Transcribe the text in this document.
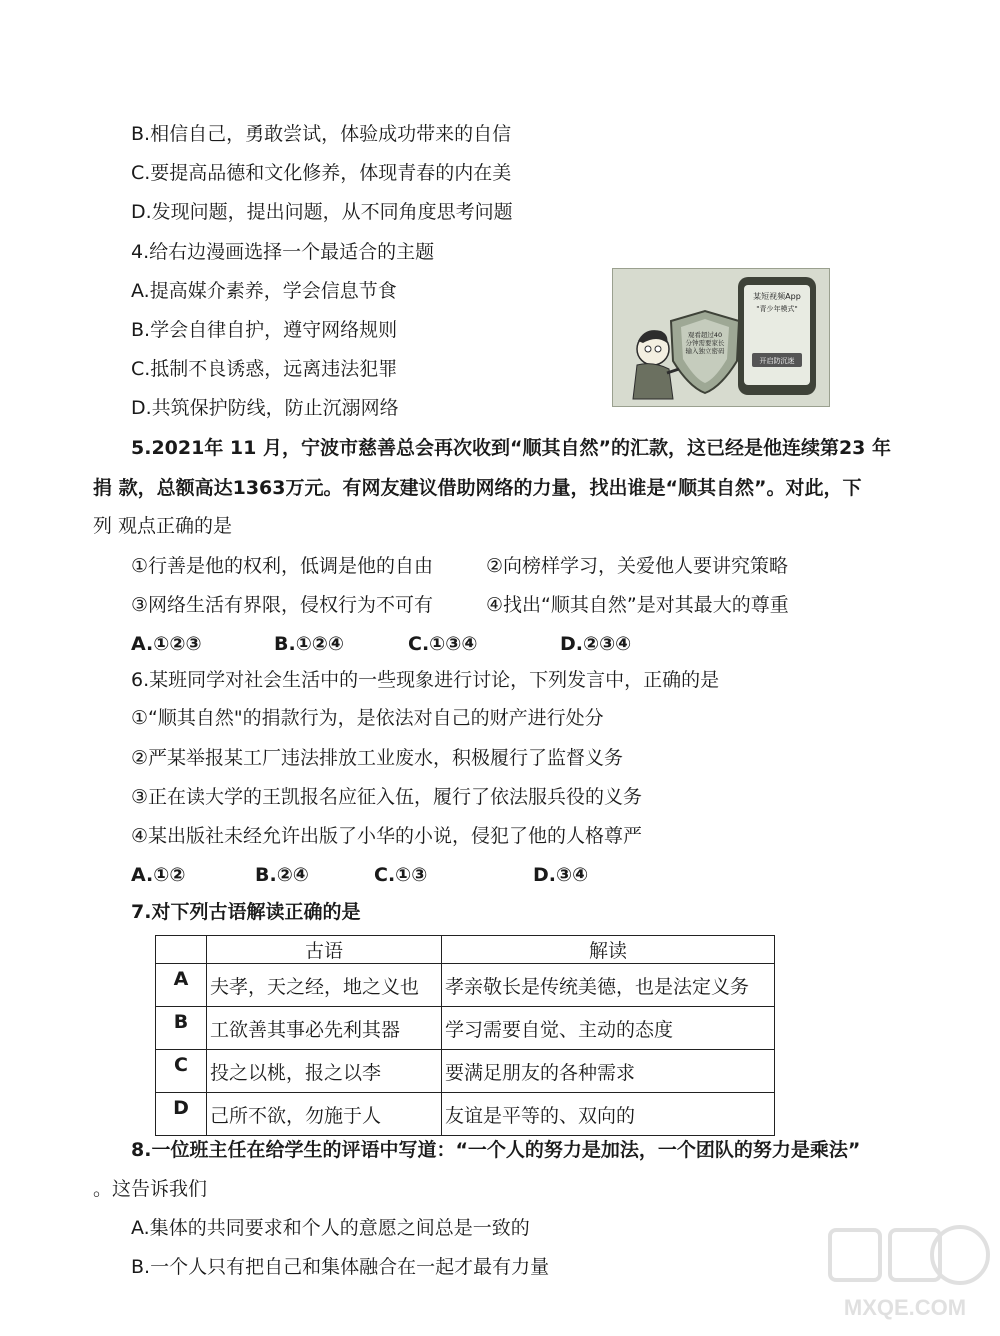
B.相信自己，勇敢尝试，体验成功带来的自信
C.要提高品德和文化修养，体现青春的内在美
D.发现问题，提出问题，从不同角度思考问题
4.给右边漫画选择一个最适合的主题
A.提高媒介素养，学会信息节食
B.学会自律自护，遵守网络规则
C.抵制不良诱惑，远离违法犯罪
D.共筑保护防线，防止沉溺网络
某短视频App
"青少年模式"
开启防沉迷
观看超过40分钟需要家长输入独立密码
5.2021年 11 月，宁波市慈善总会再次收到“顺其自然”的汇款，这已经是他连续第23 年
捐 款，总额高达1363万元。有网友建议借助网络的力量，找出谁是“顺其自然”。对此，下
列 观点正确的是
①行善是他的权利，低调是他的自由	②向榜样学习，关爱他人要讲究策略
③网络生活有界限，侵权行为不可有	④找出“顺其自然”是对其最大的尊重
A.①②③	B.①②④	C.①③④	D.②③④
6.某班同学对社会生活中的一些现象进行讨论，下列发言中，正确的是
①“顺其自然"的捐款行为，是依法对自己的财产进行处分
②严某举报某工厂违法排放工业废水，积极履行了监督义务
③正在读大学的王凯报名应征入伍，履行了依法服兵役的义务
④某出版社未经允许出版了小华的小说，侵犯了他的人格尊严
A.①②	B.②④	C.①③	D.③④
7.对下列古语解读正确的是
	古语	解读
A	夫孝，天之经，地之义也	孝亲敬长是传统美德，也是法定义务
B	工欲善其事必先利其器	学习需要自觉、主动的态度
C	投之以桃，报之以李	要满足朋友的各种需求
D	己所不欲，勿施于人	友谊是平等的、双向的
8.一位班主任在给学生的评语中写道：“一个人的努力是加法，一个团队的努力是乘法”
。这告诉我们
A.集体的共同要求和个人的意愿之间总是一致的
B.一个人只有把自己和集体融合在一起才最有力量
MXQE.COM
